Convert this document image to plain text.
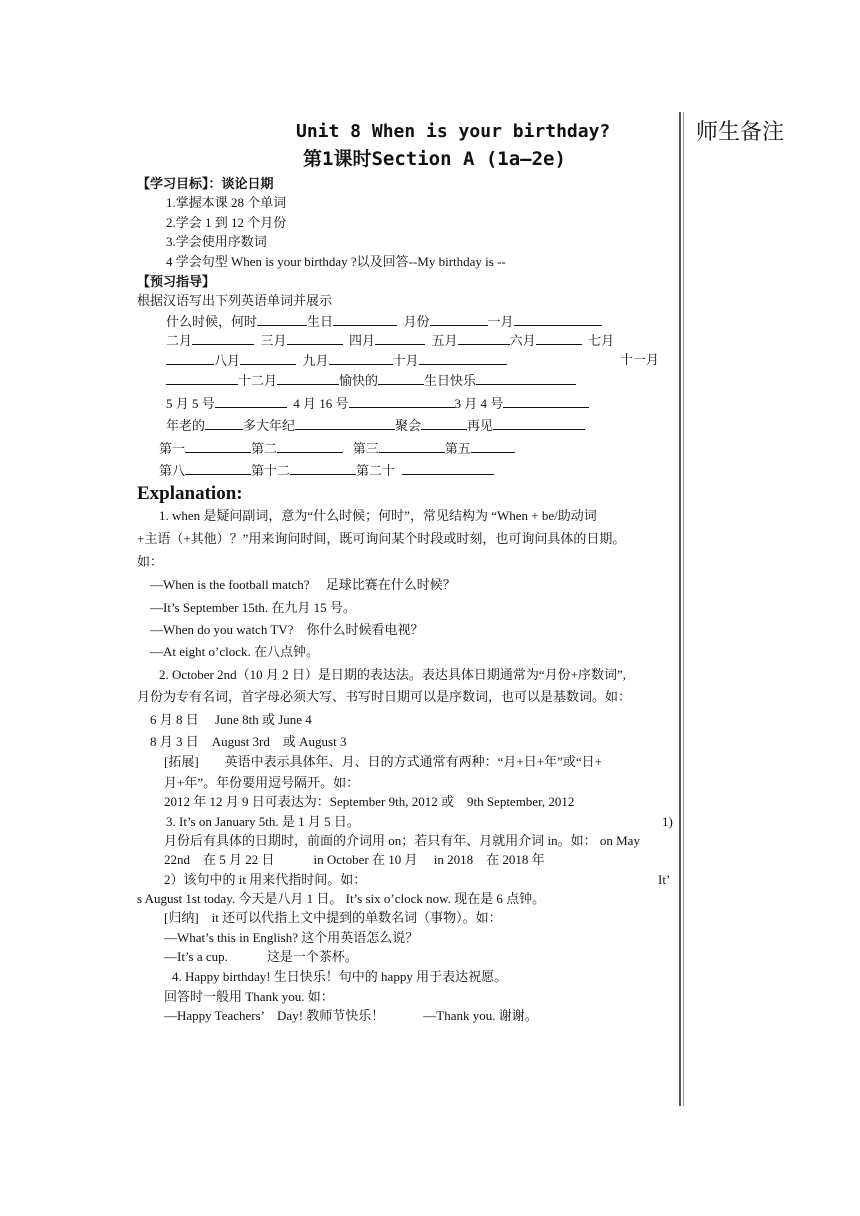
师生备注
Unit 8 When is your birthday?
第1课时Section A (1a—2e)
【学习目标】：谈论日期
1.掌握本课 28 个单词
2.学会 1 到 12 个月份
3.学会使用序数词
4 学会句型 When is your birthday ?以及回答--My birthday is --
【预习指导】
根据汉语写出下列英语单词并展示
什么时候，何时	生日	月份	一月
二月	三月	四月	五月	六月	七月
八月	九月	十月	十一月
十二月	愉快的	生日快乐
5 月 5 号	4 月 16 号	3 月 4 号
年老的	多大年纪	聚会	再见
第一	第二	第三	第五
第八	第十二	第二十
Explanation:
1. when 是疑问副词，意为“什么时候；何时”，常见结构为 “When + be/助动词
+主语（+其他）？”用来询问时间，既可询问某个时段或时刻，也可询问具体的日期。
如：
—When is the football match?　 足球比赛在什么时候？
—It’s September 15th. 在九月 15 号。
—When do you watch TV?　你什么时候看电视？
—At eight o’clock. 在八点钟。
2. October 2nd（10 月 2 日）是日期的表达法。表达具体日期通常为“月份+序数词”,
月份为专有名词，首字母必须大写、书写时日期可以是序数词，也可以是基数词。如：
6 月 8 日　 June 8th 或 June 4
8 月 3 日　August 3rd　或 August 3
[拓展]　　英语中表示具体年、月、日的方式通常有两种：“月+日+年”或“日+
月+年”。年份要用逗号隔开。如：
2012 年 12 月 9 日可表达为：September 9th, 2012 或　9th September, 2012
3. It’s on January 5th. 是 1 月 5 日。	1)
月份后有具体的日期时，前面的介词用 on；若只有年、月就用介词 in。如： on May
22nd　在 5 月 22 日　　　in October 在 10 月　 in 2018　在 2018 年
2）该句中的 it 用来代指时间。如：	It’
s August 1st today. 今天是八月 1 日。 It’s six o’clock now. 现在是 6 点钟。
[归纳]　it 还可以代指上文中提到的单数名词（事物）。如：
—What’s this in English? 这个用英语怎么说？
—It’s a cup.　　　这是一个茶杯。
4. Happy birthday! 生日快乐！句中的 happy 用于表达祝愿。
回答时一般用 Thank you. 如：
—Happy Teachers’　Day! 教师节快乐！　　　—Thank you. 谢谢。
